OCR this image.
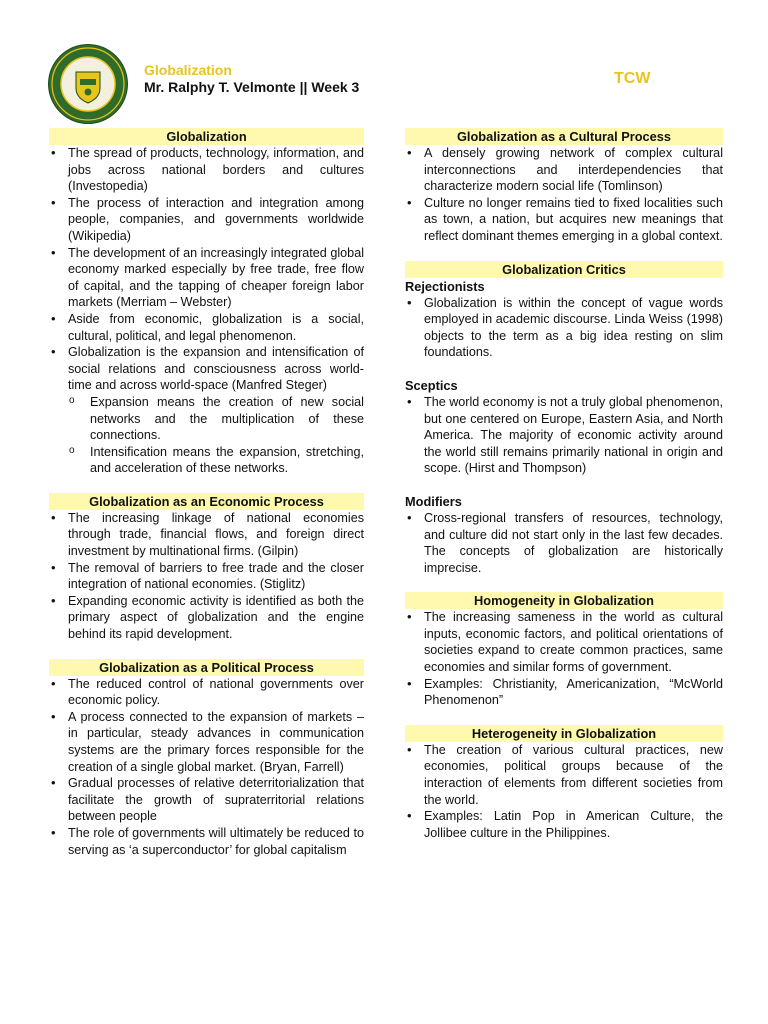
Globalization
Mr. Ralphy T. Velmonte || Week 3	TCW
Globalization
• The spread of products, technology, information, and jobs across national borders and cultures (Investopedia)
• The process of interaction and integration among people, companies, and governments worldwide (Wikipedia)
• The development of an increasingly integrated global economy marked especially by free trade, free flow of capital, and the tapping of cheaper foreign labor markets (Merriam – Webster)
• Aside from economic, globalization is a social, cultural, political, and legal phenomenon.
• Globalization is the expansion and intensification of social relations and consciousness across world-time and across world-space (Manfred Steger)
o Expansion means the creation of new social networks and the multiplication of these connections.
o Intensification means the expansion, stretching, and acceleration of these networks.
Globalization as an Economic Process
• The increasing linkage of national economies through trade, financial flows, and foreign direct investment by multinational firms. (Gilpin)
• The removal of barriers to free trade and the closer integration of national economies. (Stiglitz)
• Expanding economic activity is identified as both the primary aspect of globalization and the engine behind its rapid development.
Globalization as a Political Process
• The reduced control of national governments over economic policy.
• A process connected to the expansion of markets – in particular, steady advances in communication systems are the primary forces responsible for the creation of a single global market. (Bryan, Farrell)
• Gradual processes of relative deterritorialization that facilitate the growth of supraterritorial relations between people
• The role of governments will ultimately be reduced to serving as ‘a superconductor’ for global capitalism
Globalization as a Cultural Process
• A densely growing network of complex cultural interconnections and interdependencies that characterize modern social life (Tomlinson)
• Culture no longer remains tied to fixed localities such as town, a nation, but acquires new meanings that reflect dominant themes emerging in a global context.
Globalization Critics
Rejectionists
• Globalization is within the concept of vague words employed in academic discourse. Linda Weiss (1998) objects to the term as a big idea resting on slim foundations.
Sceptics
• The world economy is not a truly global phenomenon, but one centered on Europe, Eastern Asia, and North America. The majority of economic activity around the world still remains primarily national in origin and scope. (Hirst and Thompson)
Modifiers
• Cross-regional transfers of resources, technology, and culture did not start only in the last few decades. The concepts of globalization are historically imprecise.
Homogeneity in Globalization
• The increasing sameness in the world as cultural inputs, economic factors, and political orientations of societies expand to create common practices, same economies and similar forms of government.
• Examples: Christianity, Americanization, “McWorld Phenomenon”
Heterogeneity in Globalization
• The creation of various cultural practices, new economies, political groups because of the interaction of elements from different societies from the world.
• Examples: Latin Pop in American Culture, the Jollibee culture in the Philippines.
